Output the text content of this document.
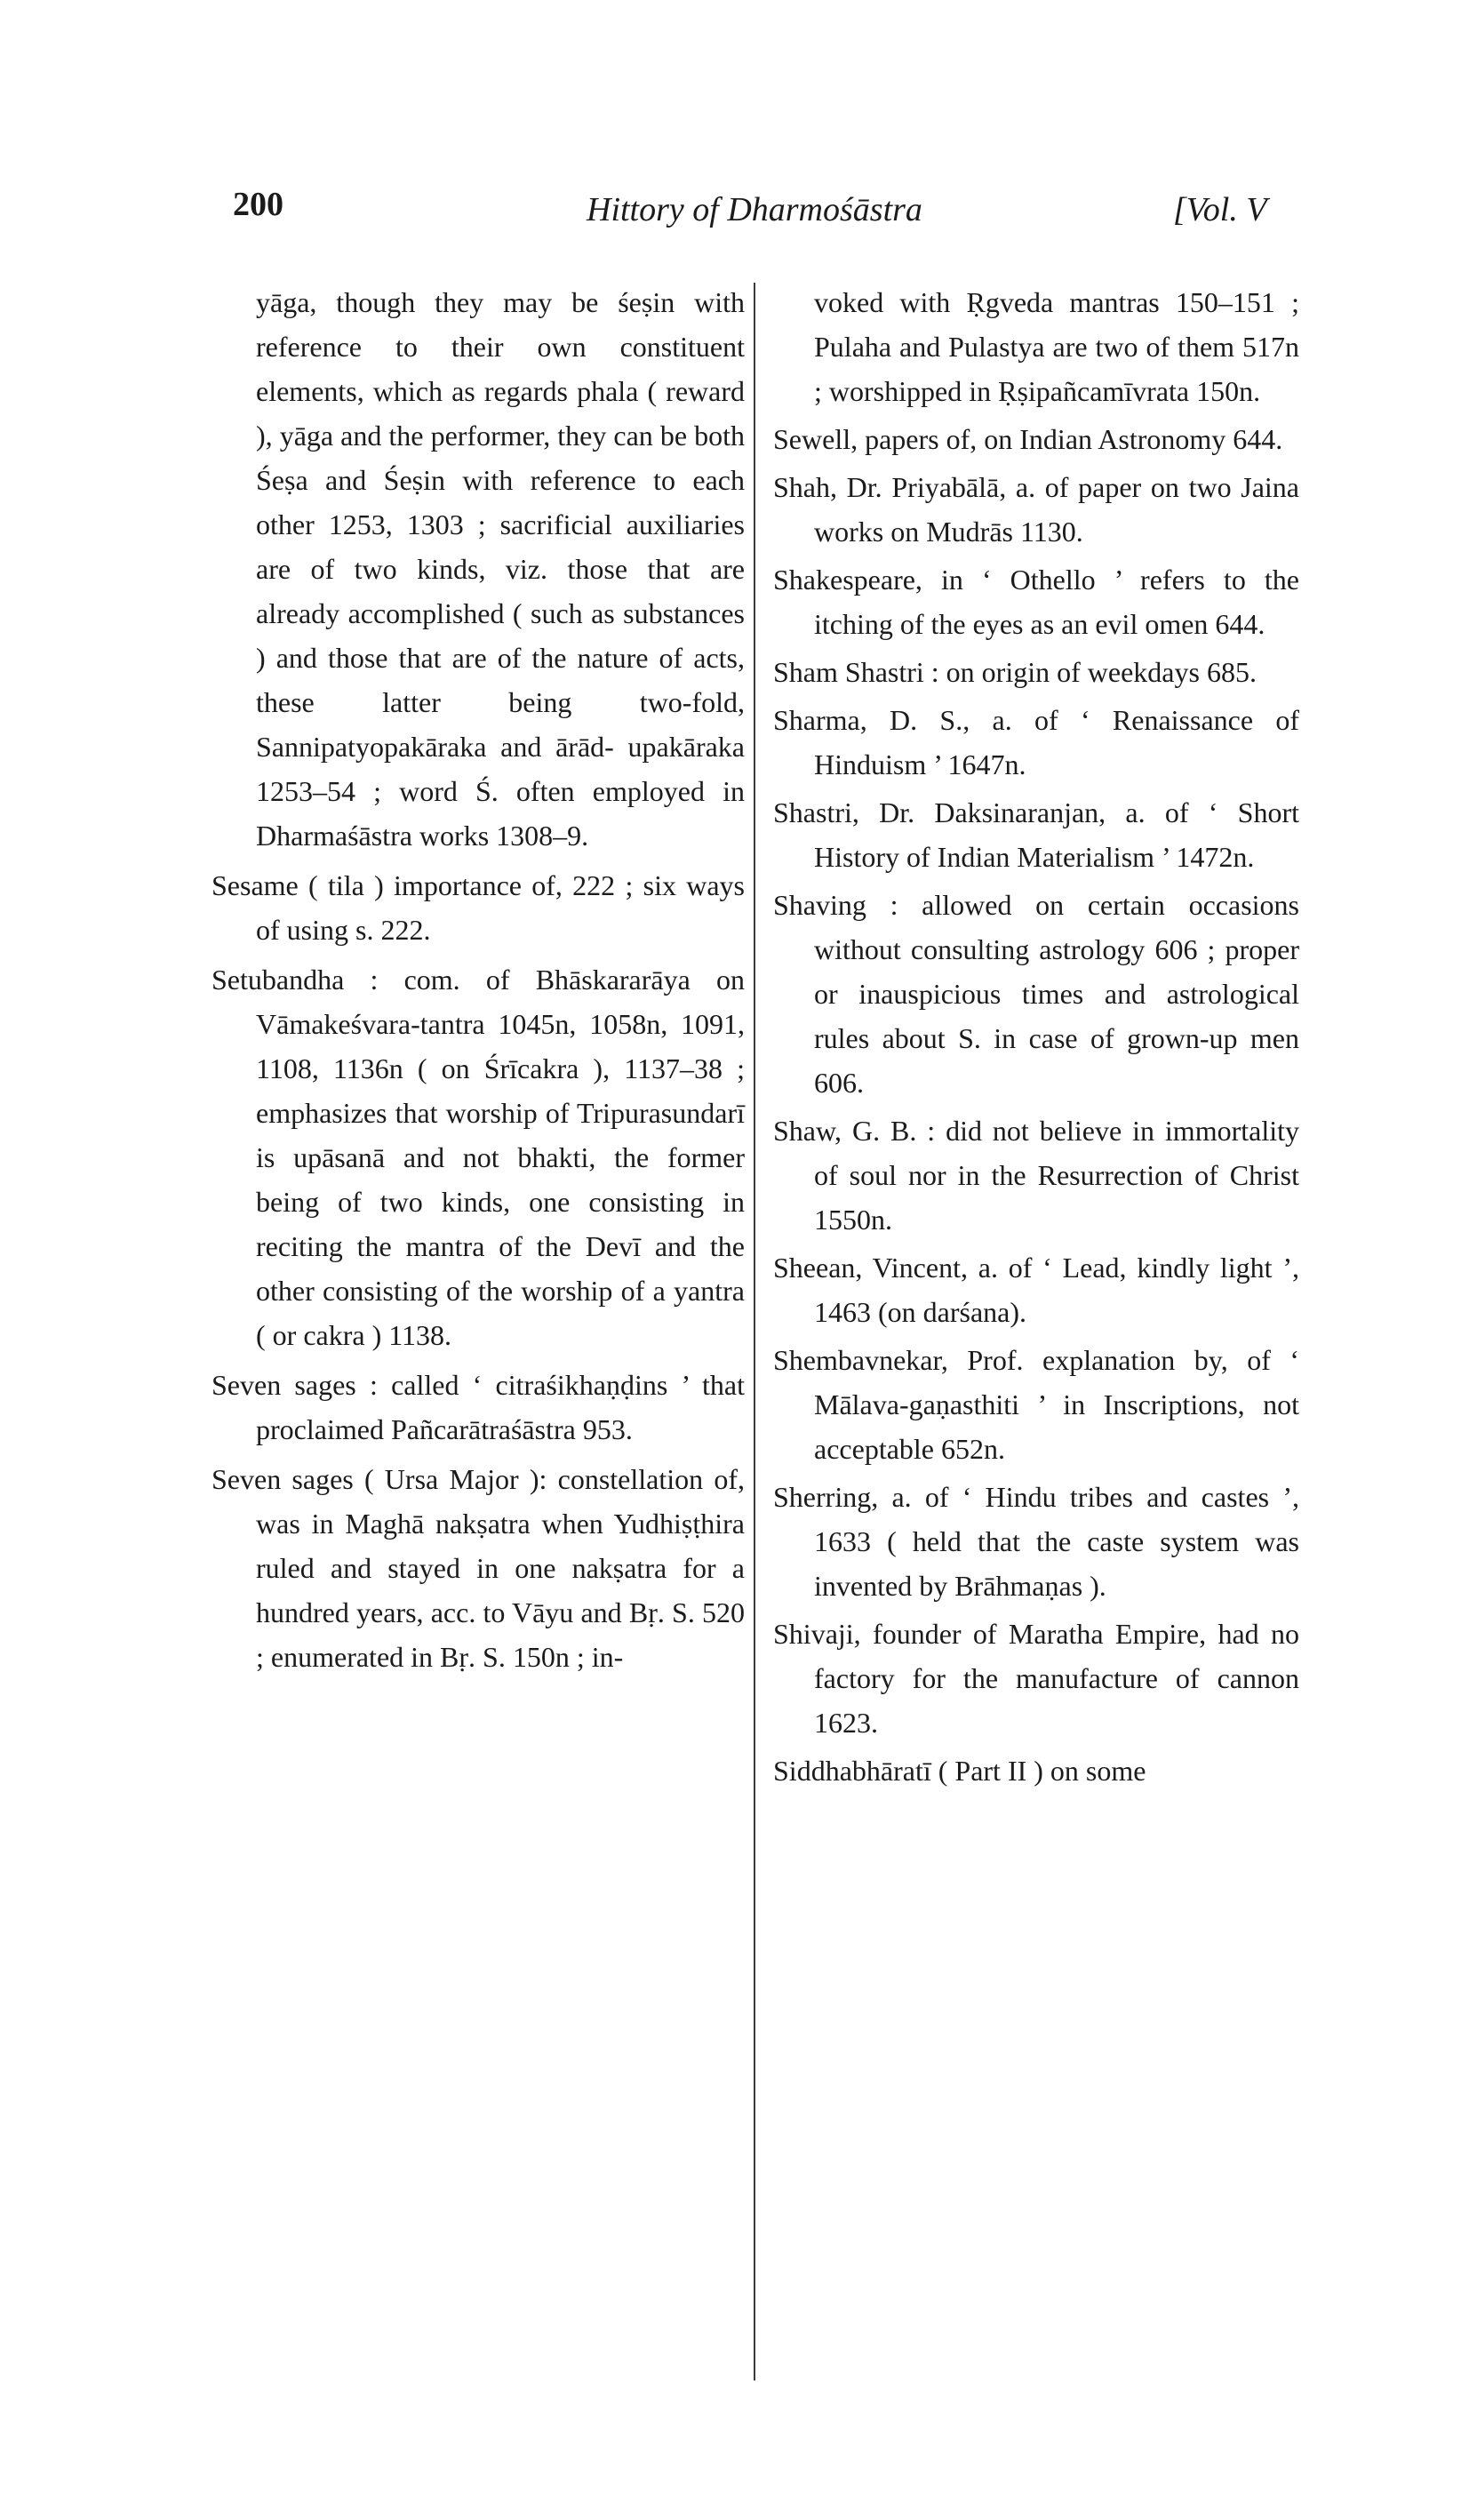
200	Hittory of Dharmośāstra	[Vol. V

yāga, though they may be śeṣin with reference to their own constituent elements, which as regards phala ( reward ), yāga and the performer, they can be both Śeṣa and Śeṣin with reference to each other 1253, 1303 ; sacrificial auxiliaries are of two kinds, viz. those that are already accomplished ( such as substances ) and those that are of the nature of acts, these latter being two-fold, Sannipatyopakāraka and ārād- upakāraka 1253–54 ; word Ś. often employed in Dharmaśāstra works 1308–9.

Sesame ( tila ) importance of, 222 ; six ways of using s. 222.

Setubandha : com. of Bhāskararāya on Vāmakeśvara-tantra 1045n, 1058n, 1091, 1108, 1136n ( on Śrīcakra ), 1137–38 ; emphasizes that worship of Tripurasundarī is upāsanā and not bhakti, the former being of two kinds, one consisting in reciting the mantra of the Devī and the other consisting of the worship of a yantra ( or cakra ) 1138.

Seven sages : called ‘ citraśikhaṇḍins ’ that proclaimed Pañcarātraśāstra 953.

Seven sages ( Ursa Major ): constellation of, was in Maghā nakṣatra when Yudhiṣṭhira ruled and stayed in one nakṣatra for a hundred years, acc. to Vāyu and Bṛ. S. 520 ; enumerated in Bṛ. S. 150n ; in-

voked with Ṛgveda mantras 150–151 ; Pulaha and Pulastya are two of them 517n ; worshipped in Ṛṣipañcamīvrata 150n.

Sewell, papers of, on Indian Astronomy 644.

Shah, Dr. Priyabālā, a. of paper on two Jaina works on Mudrās 1130.

Shakespeare, in ‘ Othello ’ refers to the itching of the eyes as an evil omen 644.

Sham Shastri : on origin of weekdays 685.

Sharma, D. S., a. of ‘ Renaissance of Hinduism ’ 1647n.

Shastri, Dr. Daksinaranjan, a. of ‘ Short History of Indian Materialism ’ 1472n.

Shaving : allowed on certain occasions without consulting astrology 606 ; proper or inauspicious times and astrological rules about S. in case of grown-up men 606.

Shaw, G. B. : did not believe in immortality of soul nor in the Resurrection of Christ 1550n.

Sheean, Vincent, a. of ‘ Lead, kindly light ’, 1463 (on darśana).

Shembavnekar, Prof. explanation by, of ‘ Mālava-gaṇasthiti ’ in Inscriptions, not acceptable 652n.

Sherring, a. of ‘ Hindu tribes and castes ’, 1633 ( held that the caste system was invented by Brāhmaṇas ).

Shivaji, founder of Maratha Empire, had no factory for the manufacture of cannon 1623.

Siddhabhāratī ( Part II ) on some
